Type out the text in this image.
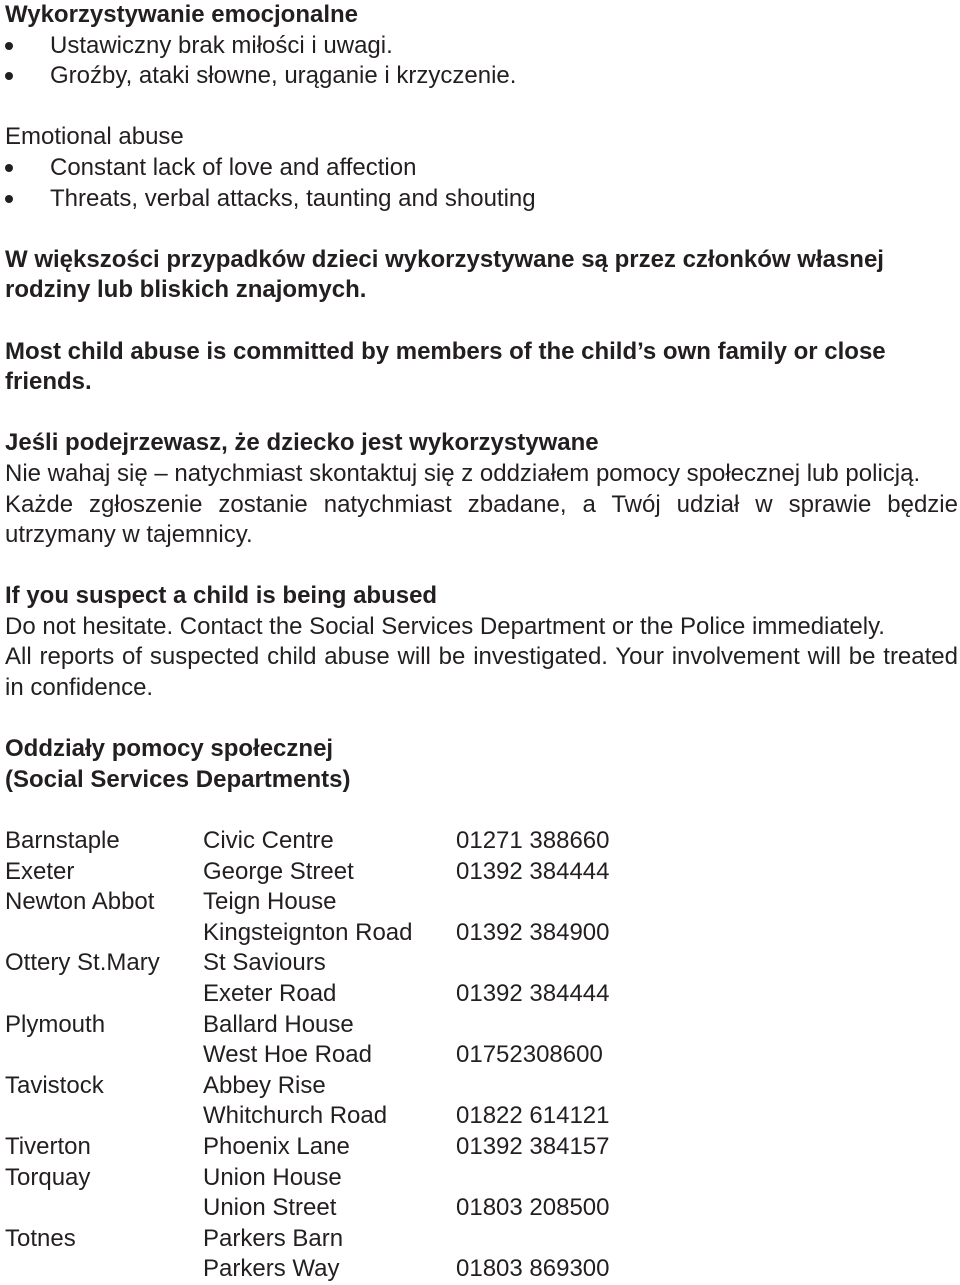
Wykorzystywanie emocjonalne
Ustawiczny brak miłości i uwagi.
Groźby, ataki słowne, urąganie i krzyczenie.
Emotional abuse
Constant lack of love and affection
Threats, verbal attacks, taunting and shouting
W większości przypadków dzieci wykorzystywane są przez członków własnej
rodziny lub bliskich znajomych.
Most child abuse is committed by members of the child’s own family or close
friends.
Jeśli podejrzewasz, że dziecko jest wykorzystywane
Nie wahaj się – natychmiast skontaktuj się z oddziałem pomocy społecznej lub policją.
Każde zgłoszenie zostanie natychmiast zbadane, a Twój udział w sprawie będzie utrzymany w tajemnicy.
If you suspect a child is being abused
Do not hesitate. Contact the Social Services Department or the Police immediately.
All reports of suspected child abuse will be investigated. Your involvement will be treated in confidence.
Oddziały pomocy społecznej
(Social Services Departments)
Barnstaple	Civic Centre	01271 388660
Exeter	George Street	01392 384444
Newton Abbot	Teign House	
	Kingsteignton Road	01392 384900
Ottery St.Mary	St Saviours	
	Exeter Road	01392 384444
Plymouth	Ballard House	
	West Hoe Road	01752308600
Tavistock	Abbey Rise	
	Whitchurch Road	01822 614121
Tiverton	Phoenix Lane	01392 384157
Torquay	Union House	
	Union Street	01803 208500
Totnes	Parkers Barn	
	Parkers Way	01803 869300
